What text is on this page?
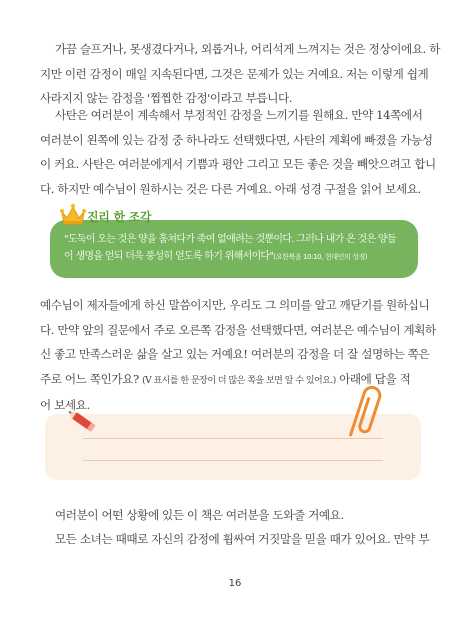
가끔 슬프거나, 못생겼다거나, 외롭거나, 어리석게 느껴지는 것은 정상이에요. 하
지만 이런 감정이 매일 지속된다면, 그것은 문제가 있는 거예요. 저는 이렇게 쉽게
사라지지 않는 감정을 '찝찝한 감정'이라고 부릅니다.
사탄은 여러분이 계속해서 부정적인 감정을 느끼기를 원해요. 만약 14쪽에서
여러분이 왼쪽에 있는 감정 중 하나라도 선택했다면, 사탄의 계획에 빠졌을 가능성
이 커요. 사탄은 여러분에게서 기쁨과 평안 그리고 모든 좋은 것을 빼앗으려고 합니
다. 하지만 예수님이 원하시는 것은 다른 거예요. 아래 성경 구절을 읽어 보세요.
"도둑이 오는 것은 양을 훔쳐다가 죽여 없애려는 것뿐이다. 그러나 내가 온 것은 양들
이 생명을 얻되 더욱 풍성히 얻도록 하기 위해서이다"(요한복음 10:10, 현대인의 성경)
진리 한 조각
예수님이 제자들에게 하신 말씀이지만, 우리도 그 의미를 알고 깨닫기를 원하십니
다. 만약 앞의 질문에서 주로 오른쪽 감정을 선택했다면, 여러분은 예수님이 계획하
신 좋고 만족스러운 삶을 살고 있는 거예요! 여러분의 감정을 더 잘 설명하는 쪽은
주로 어느 쪽인가요? (V 표시를 한 문장이 더 많은 쪽을 보면 알 수 있어요.) 아래에 답을 적
어 보세요.
여러분이 어떤 상황에 있든 이 책은 여러분을 도와줄 거예요.
모든 소녀는 때때로 자신의 감정에 휩싸여 거짓말을 믿을 때가 있어요. 만약 부
16
